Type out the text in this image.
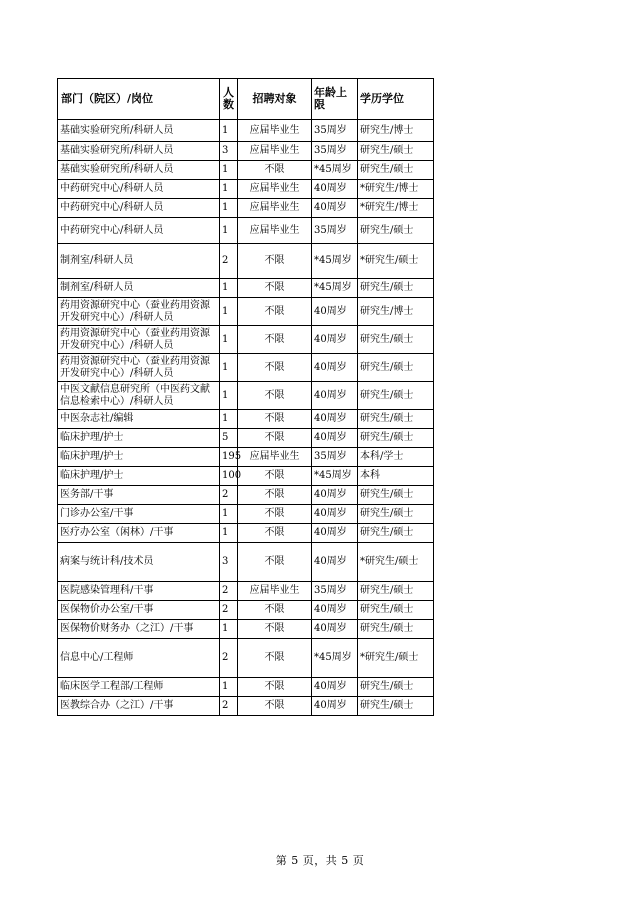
部门（院区）/岗位	人数	招聘对象	年龄上限	学历学位
基础实验研究所/科研人员	1	应届毕业生	35周岁	研究生/博士
基础实验研究所/科研人员	3	应届毕业生	35周岁	研究生/硕士
基础实验研究所/科研人员	1	不限	*45周岁	研究生/硕士
中药研究中心/科研人员	1	应届毕业生	40周岁	*研究生/博士
中药研究中心/科研人员	1	应届毕业生	40周岁	*研究生/博士
中药研究中心/科研人员	1	应届毕业生	35周岁	研究生/硕士
制剂室/科研人员	2	不限	*45周岁	*研究生/硕士
制剂室/科研人员	1	不限	*45周岁	研究生/硕士
药用资源研究中心（蚕业药用资源开发研究中心）/科研人员	1	不限	40周岁	研究生/博士
药用资源研究中心（蚕业药用资源开发研究中心）/科研人员	1	不限	40周岁	研究生/硕士
药用资源研究中心（蚕业药用资源开发研究中心）/科研人员	1	不限	40周岁	研究生/硕士
中医文献信息研究所（中医药文献信息检索中心）/科研人员	1	不限	40周岁	研究生/硕士
中医杂志社/编辑	1	不限	40周岁	研究生/硕士
临床护理/护士	5	不限	40周岁	研究生/硕士
临床护理/护士	195	应届毕业生	35周岁	本科/学士
临床护理/护士	100	不限	*45周岁	本科
医务部/干事	2	不限	40周岁	研究生/硕士
门诊办公室/干事	1	不限	40周岁	研究生/硕士
医疗办公室（闲林）/干事	1	不限	40周岁	研究生/硕士
病案与统计科/技术员	3	不限	40周岁	*研究生/硕士
医院感染管理科/干事	2	应届毕业生	35周岁	研究生/硕士
医保物价办公室/干事	2	不限	40周岁	研究生/硕士
医保物价财务办（之江）/干事	1	不限	40周岁	研究生/硕士
信息中心/工程师	2	不限	*45周岁	*研究生/硕士
临床医学工程部/工程师	1	不限	40周岁	研究生/硕士
医教综合办（之江）/干事	2	不限	40周岁	研究生/硕士
第 5 页，共 5 页
